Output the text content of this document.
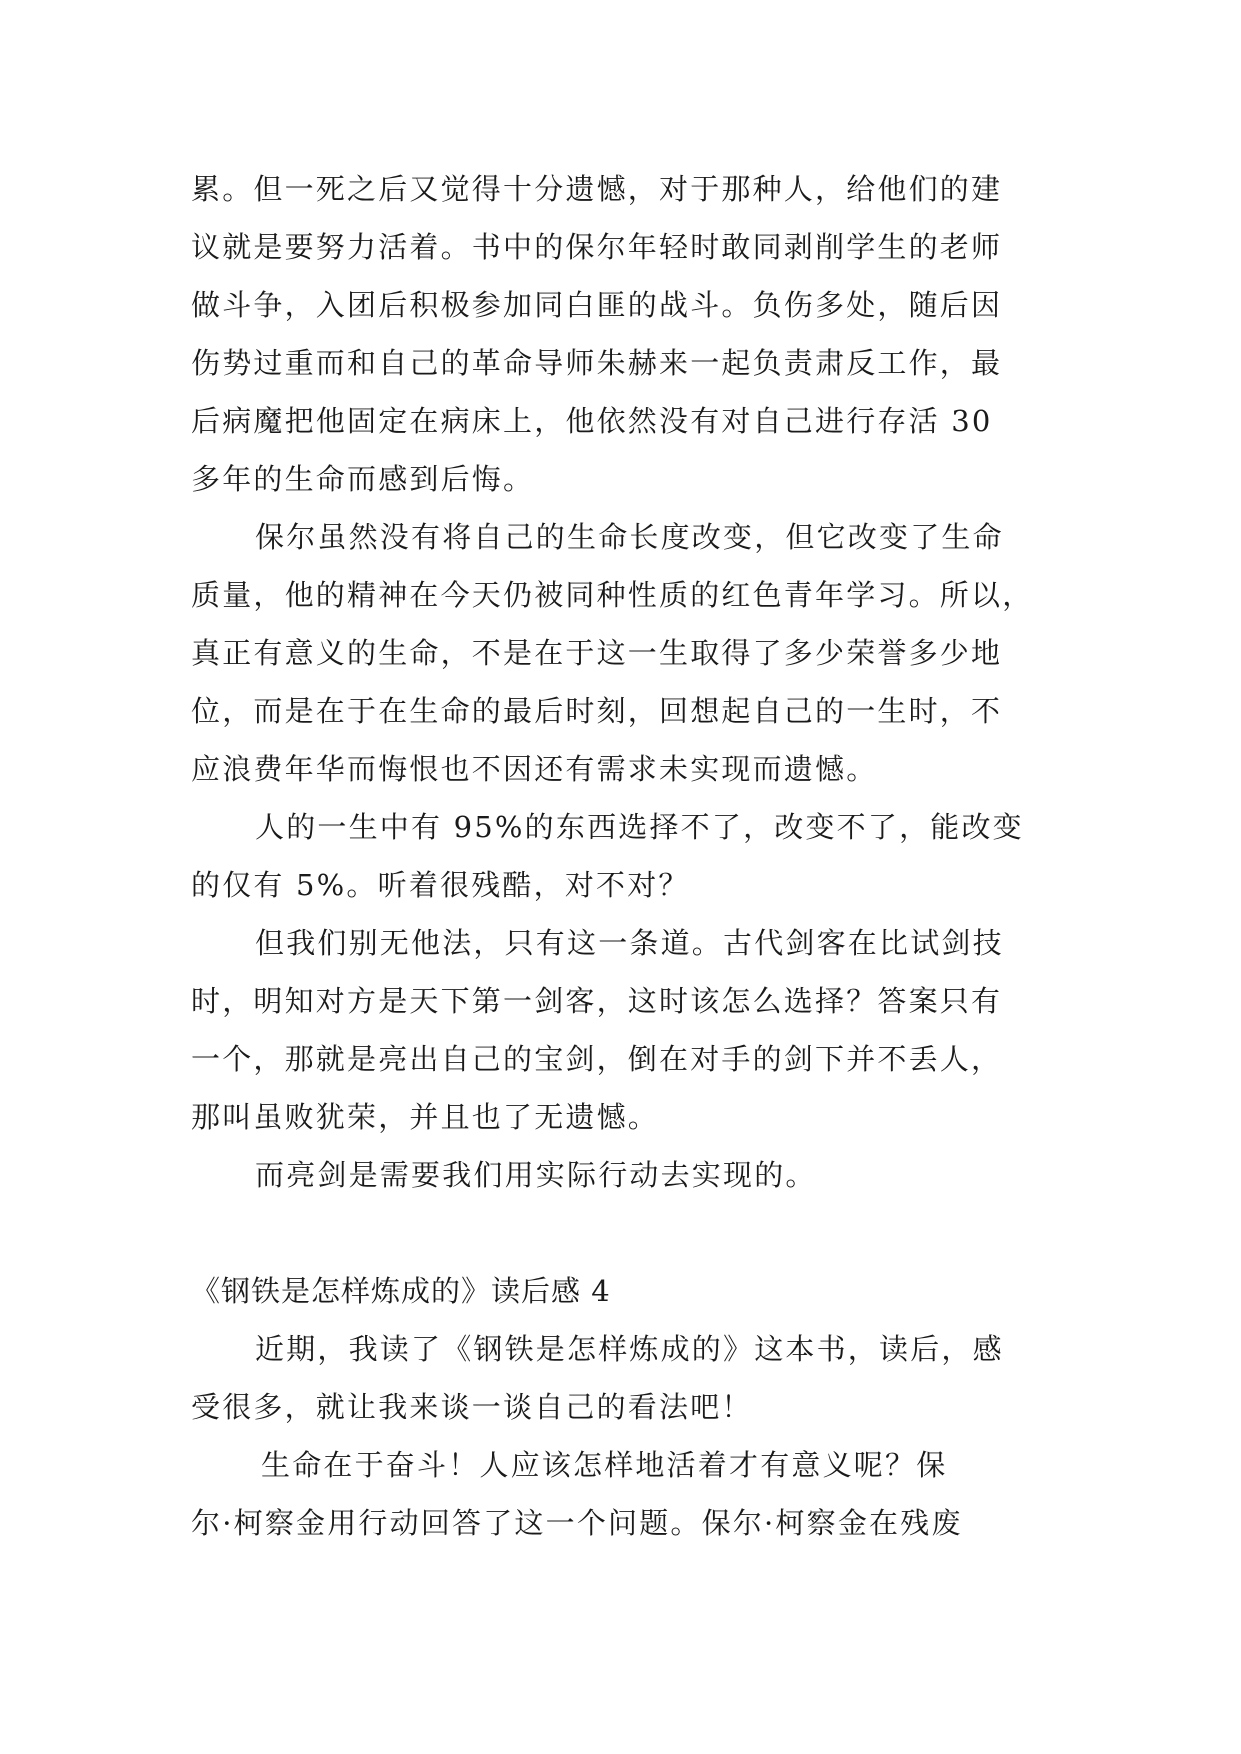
累。但一死之后又觉得十分遗憾，对于那种人，给他们的建
议就是要努力活着。书中的保尔年轻时敢同剥削学生的老师
做斗争，入团后积极参加同白匪的战斗。负伤多处，随后因
伤势过重而和自己的革命导师朱赫来一起负责肃反工作，最
后病魔把他固定在病床上，他依然没有对自己进行存活 30
多年的生命而感到后悔。
保尔虽然没有将自己的生命长度改变，但它改变了生命
质量，他的精神在今天仍被同种性质的红色青年学习。所以，
真正有意义的生命，不是在于这一生取得了多少荣誉多少地
位，而是在于在生命的最后时刻，回想起自己的一生时，不
应浪费年华而悔恨也不因还有需求未实现而遗憾。
人的一生中有 95%的东西选择不了，改变不了，能改变
的仅有 5%。听着很残酷，对不对？
但我们别无他法，只有这一条道。古代剑客在比试剑技
时，明知对方是天下第一剑客，这时该怎么选择？答案只有
一个，那就是亮出自己的宝剑，倒在对手的剑下并不丢人，
那叫虽败犹荣，并且也了无遗憾。
而亮剑是需要我们用实际行动去实现的。
《钢铁是怎样炼成的》读后感 4
近期，我读了《钢铁是怎样炼成的》这本书，读后，感
受很多，就让我来谈一谈自己的看法吧！
生命在于奋斗！人应该怎样地活着才有意义呢？保
尔·柯察金用行动回答了这一个问题。保尔·柯察金在残废
